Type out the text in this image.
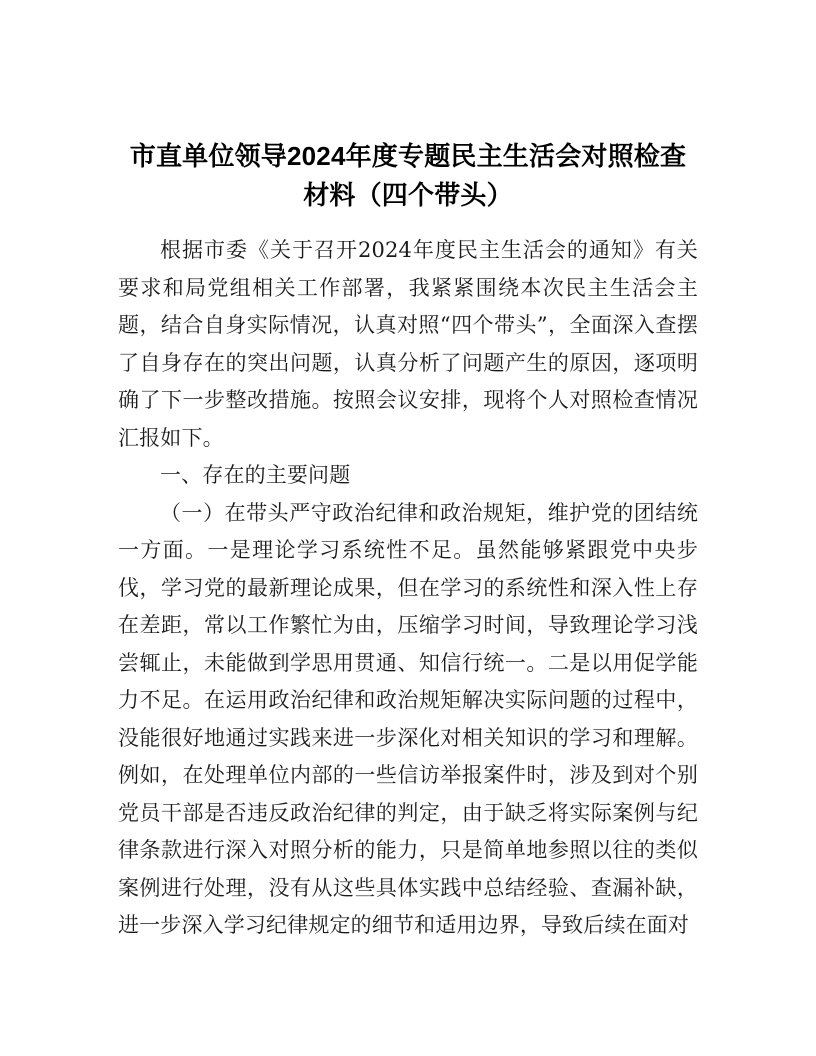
市直单位领导2024年度专题民主生活会对照检查材料（四个带头）

根据市委《关于召开2024年度民主生活会的通知》有关要求和局党组相关工作部署，我紧紧围绕本次民主生活会主题，结合自身实际情况，认真对照“四个带头”，全面深入查摆了自身存在的突出问题，认真分析了问题产生的原因，逐项明确了下一步整改措施。按照会议安排，现将个人对照检查情况汇报如下。

一、存在的主要问题

（一）在带头严守政治纪律和政治规矩，维护党的团结统一方面。一是理论学习系统性不足。虽然能够紧跟党中央步伐，学习党的最新理论成果，但在学习的系统性和深入性上存在差距，常以工作繁忙为由，压缩学习时间，导致理论学习浅尝辄止，未能做到学思用贯通、知信行统一。二是以用促学能力不足。在运用政治纪律和政治规矩解决实际问题的过程中，没能很好地通过实践来进一步深化对相关知识的学习和理解。例如，在处理单位内部的一些信访举报案件时，涉及到对个别党员干部是否违反政治纪律的判定，由于缺乏将实际案例与纪律条款进行深入对照分析的能力，只是简单地参照以往的类似案例进行处理，没有从这些具体实践中总结经验、查漏补缺，进一步深入学习纪律规定的细节和适用边界，导致后续在面对
